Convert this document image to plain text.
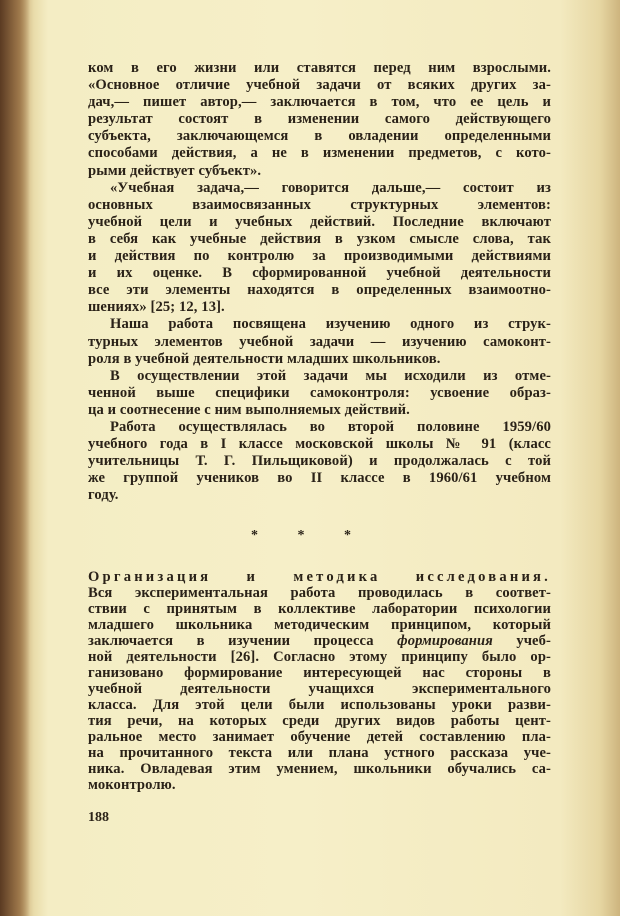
ком в его жизни или ставятся перед ним взрослыми.
«Основное отличие учебной задачи от всяких других за-
дач,— пишет автор,— заключается в том, что ее цель и
результат состоят в изменении самого действующего
субъекта, заключающемся в овладении определенными
способами действия, а не в изменении предметов, с кото-
рыми действует субъект».
«Учебная задача,— говорится дальше,— состоит из
основных взаимосвязанных структурных элементов:
учебной цели и учебных действий. Последние включают
в себя как учебные действия в узком смысле слова, так
и действия по контролю за производимыми действиями
и их оценке. В сформированной учебной деятельности
все эти элементы находятся в определенных взаимоотно-
шениях» [25; 12, 13].
Наша работа посвящена изучению одного из струк-
турных элементов учебной задачи — изучению самоконт-
роля в учебной деятельности младших школьников.
В осуществлении этой задачи мы исходили из отме-
ченной выше специфики самоконтроля: усвоение образ-
ца и соотнесение с ним выполняемых действий.
Работа осуществлялась во второй половине 1959/60
учебного года в I классе московской школы № 91 (класс
учительницы Т. Г. Пильщиковой) и продолжалась с той
же группой учеников во II классе в 1960/61 учебном
году.
* * *
Организация и методика исследования.
Вся экспериментальная работа проводилась в соответ-
ствии с принятым в коллективе лаборатории психологии
младшего школьника методическим принципом, который
заключается в изучении процесса формирования учеб-
ной деятельности [26]. Согласно этому принципу было ор-
ганизовано формирование интересующей нас стороны в
учебной деятельности учащихся экспериментального
класса. Для этой цели были использованы уроки разви-
тия речи, на которых среди других видов работы цент-
ральное место занимает обучение детей составлению пла-
на прочитанного текста или плана устного рассказа уче-
ника. Овладевая этим умением, школьники обучались са-
моконтролю.
188
